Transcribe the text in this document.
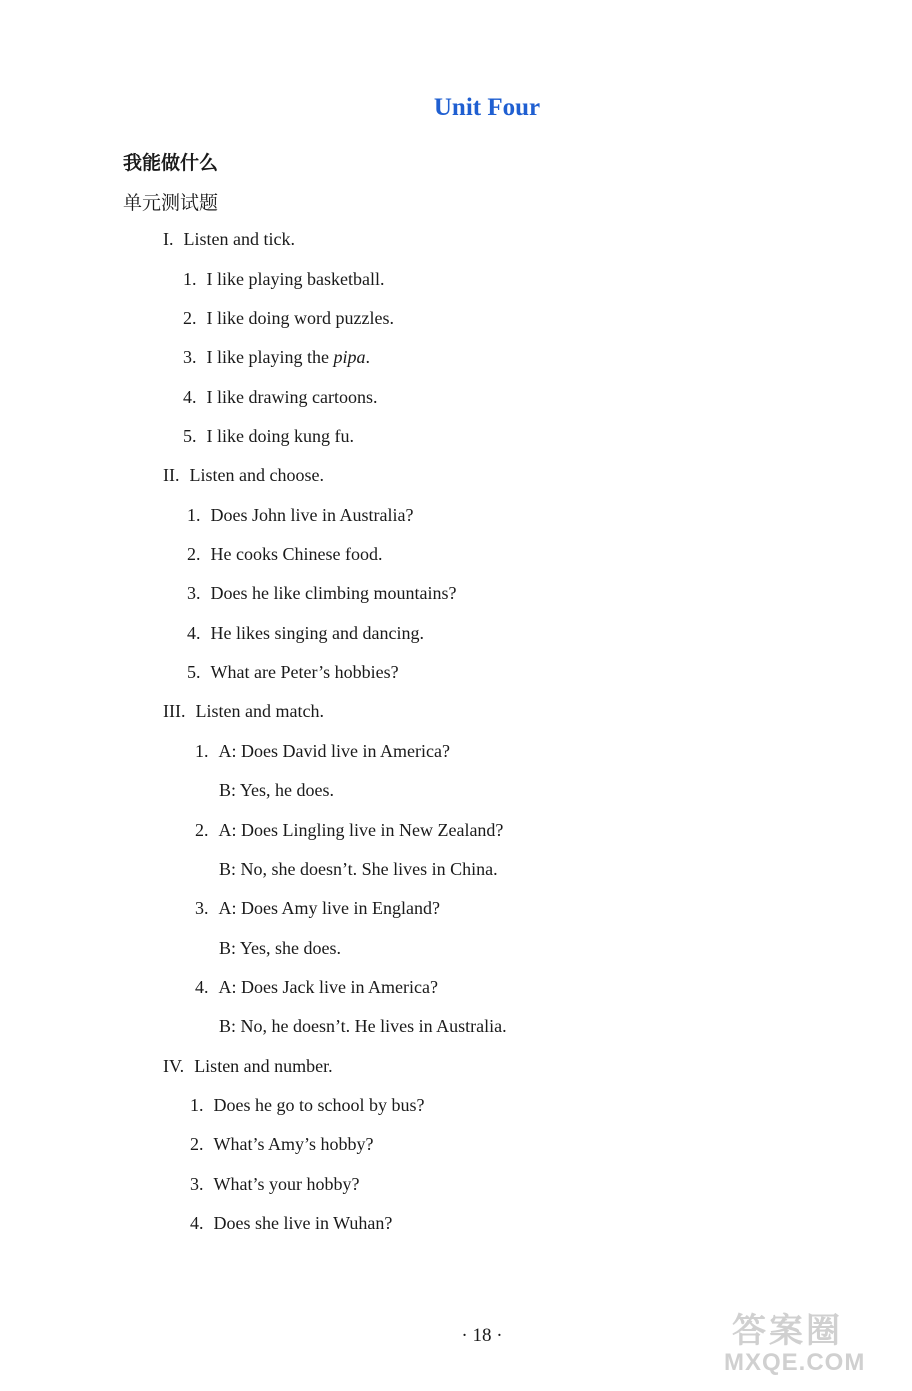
Unit Four
我能做什么
单元测试题
I. Listen and tick.
1. I like playing basketball.
2. I like doing word puzzles.
3. I like playing the pipa.
4. I like drawing cartoons.
5. I like doing kung fu.
II. Listen and choose.
1. Does John live in Australia?
2. He cooks Chinese food.
3. Does he like climbing mountains?
4. He likes singing and dancing.
5. What are Peter’s hobbies?
III. Listen and match.
1. A: Does David live in America?
B: Yes, he does.
2. A: Does Lingling live in New Zealand?
B: No, she doesn’t. She lives in China.
3. A: Does Amy live in England?
B: Yes, she does.
4. A: Does Jack live in America?
B: No, he doesn’t. He lives in Australia.
IV. Listen and number.
1. Does he go to school by bus?
2. What’s Amy’s hobby?
3. What’s your hobby?
4. Does she live in Wuhan?
· 18 ·	答案圈
MXQE.COM
